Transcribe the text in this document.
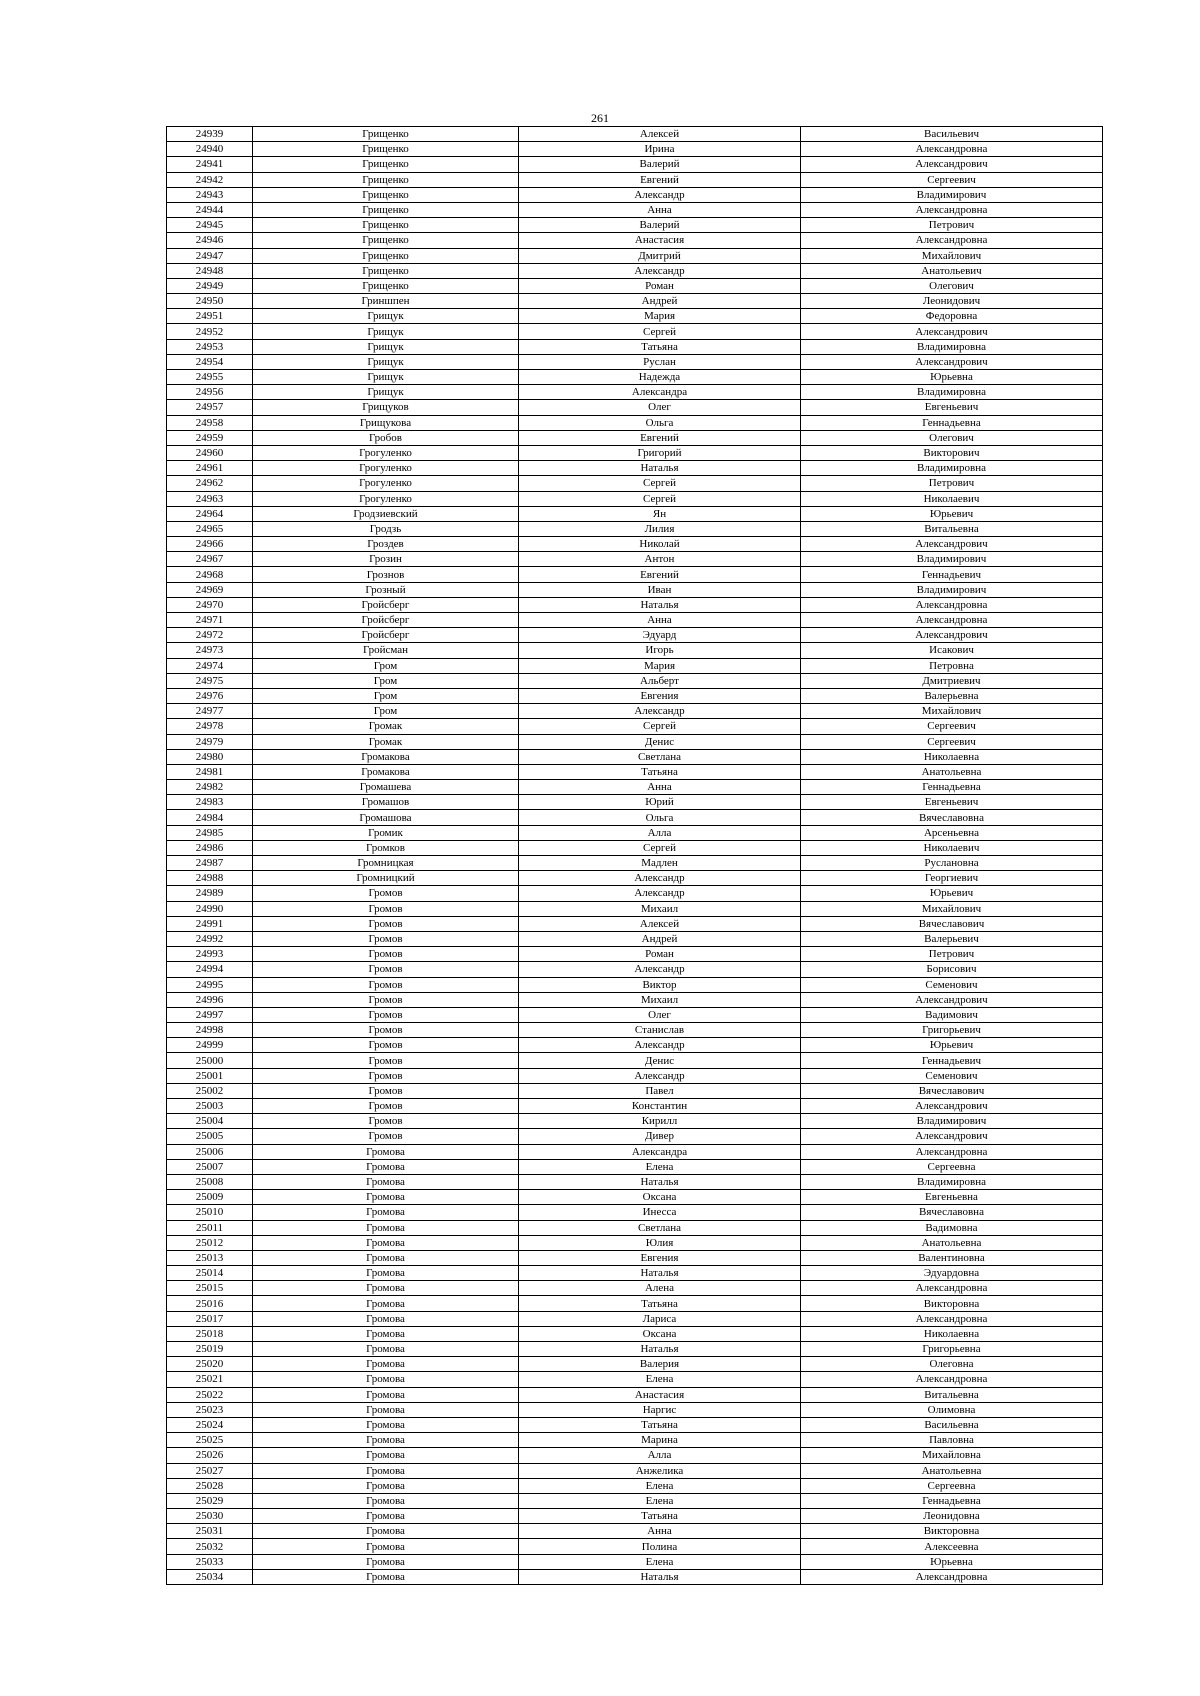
261
24939	Грищенко	Алексей	Васильевич
24940	Грищенко	Ирина	Александровна
24941	Грищенко	Валерий	Александрович
24942	Грищенко	Евгений	Сергеевич
24943	Грищенко	Александр	Владимирович
24944	Грищенко	Анна	Александровна
24945	Грищенко	Валерий	Петрович
24946	Грищенко	Анастасия	Александровна
24947	Грищенко	Дмитрий	Михайлович
24948	Грищенко	Александр	Анатольевич
24949	Грищенко	Роман	Олегович
24950	Гриншпен	Андрей	Леонидович
24951	Грищук	Мария	Федоровна
24952	Грищук	Сергей	Александрович
24953	Грищук	Татьяна	Владимировна
24954	Грищук	Руслан	Александрович
24955	Грищук	Надежда	Юрьевна
24956	Грищук	Александра	Владимировна
24957	Грищуков	Олег	Евгеньевич
24958	Грищукова	Ольга	Геннадьевна
24959	Гробов	Евгений	Олегович
24960	Грогуленко	Григорий	Викторович
24961	Грогуленко	Наталья	Владимировна
24962	Грогуленко	Сергей	Петрович
24963	Грогуленко	Сергей	Николаевич
24964	Гродзиевский	Ян	Юрьевич
24965	Гродзь	Лилия	Витальевна
24966	Гроздев	Николай	Александрович
24967	Грозин	Антон	Владимирович
24968	Грознов	Евгений	Геннадьевич
24969	Грозный	Иван	Владимирович
24970	Гройсберг	Наталья	Александровна
24971	Гройсберг	Анна	Александровна
24972	Гройсберг	Эдуард	Александрович
24973	Гройсман	Игорь	Исакович
24974	Гром	Мария	Петровна
24975	Гром	Альберт	Дмитриевич
24976	Гром	Евгения	Валерьевна
24977	Гром	Александр	Михайлович
24978	Громак	Сергей	Сергеевич
24979	Громак	Денис	Сергеевич
24980	Громакова	Светлана	Николаевна
24981	Громакова	Татьяна	Анатольевна
24982	Громашева	Анна	Геннадьевна
24983	Громашов	Юрий	Евгеньевич
24984	Громашова	Ольга	Вячеславовна
24985	Громик	Алла	Арсеньевна
24986	Громков	Сергей	Николаевич
24987	Громницкая	Мадлен	Руслановна
24988	Громницкий	Александр	Георгиевич
24989	Громов	Александр	Юрьевич
24990	Громов	Михаил	Михайлович
24991	Громов	Алексей	Вячеславович
24992	Громов	Андрей	Валерьевич
24993	Громов	Роман	Петрович
24994	Громов	Александр	Борисович
24995	Громов	Виктор	Семенович
24996	Громов	Михаил	Александрович
24997	Громов	Олег	Вадимович
24998	Громов	Станислав	Григорьевич
24999	Громов	Александр	Юрьевич
25000	Громов	Денис	Геннадьевич
25001	Громов	Александр	Семенович
25002	Громов	Павел	Вячеславович
25003	Громов	Константин	Александрович
25004	Громов	Кирилл	Владимирович
25005	Громов	Дивер	Александрович
25006	Громова	Александра	Александровна
25007	Громова	Елена	Сергеевна
25008	Громова	Наталья	Владимировна
25009	Громова	Оксана	Евгеньевна
25010	Громова	Инесса	Вячеславовна
25011	Громова	Светлана	Вадимовна
25012	Громова	Юлия	Анатольевна
25013	Громова	Евгения	Валентиновна
25014	Громова	Наталья	Эдуардовна
25015	Громова	Алена	Александровна
25016	Громова	Татьяна	Викторовна
25017	Громова	Лариса	Александровна
25018	Громова	Оксана	Николаевна
25019	Громова	Наталья	Григорьевна
25020	Громова	Валерия	Олеговна
25021	Громова	Елена	Александровна
25022	Громова	Анастасия	Витальевна
25023	Громова	Наргис	Олимовна
25024	Громова	Татьяна	Васильевна
25025	Громова	Марина	Павловна
25026	Громова	Алла	Михайловна
25027	Громова	Анжелика	Анатольевна
25028	Громова	Елена	Сергеевна
25029	Громова	Елена	Геннадьевна
25030	Громова	Татьяна	Леонидовна
25031	Громова	Анна	Викторовна
25032	Громова	Полина	Алексеевна
25033	Громова	Елена	Юрьевна
25034	Громова	Наталья	Александровна
